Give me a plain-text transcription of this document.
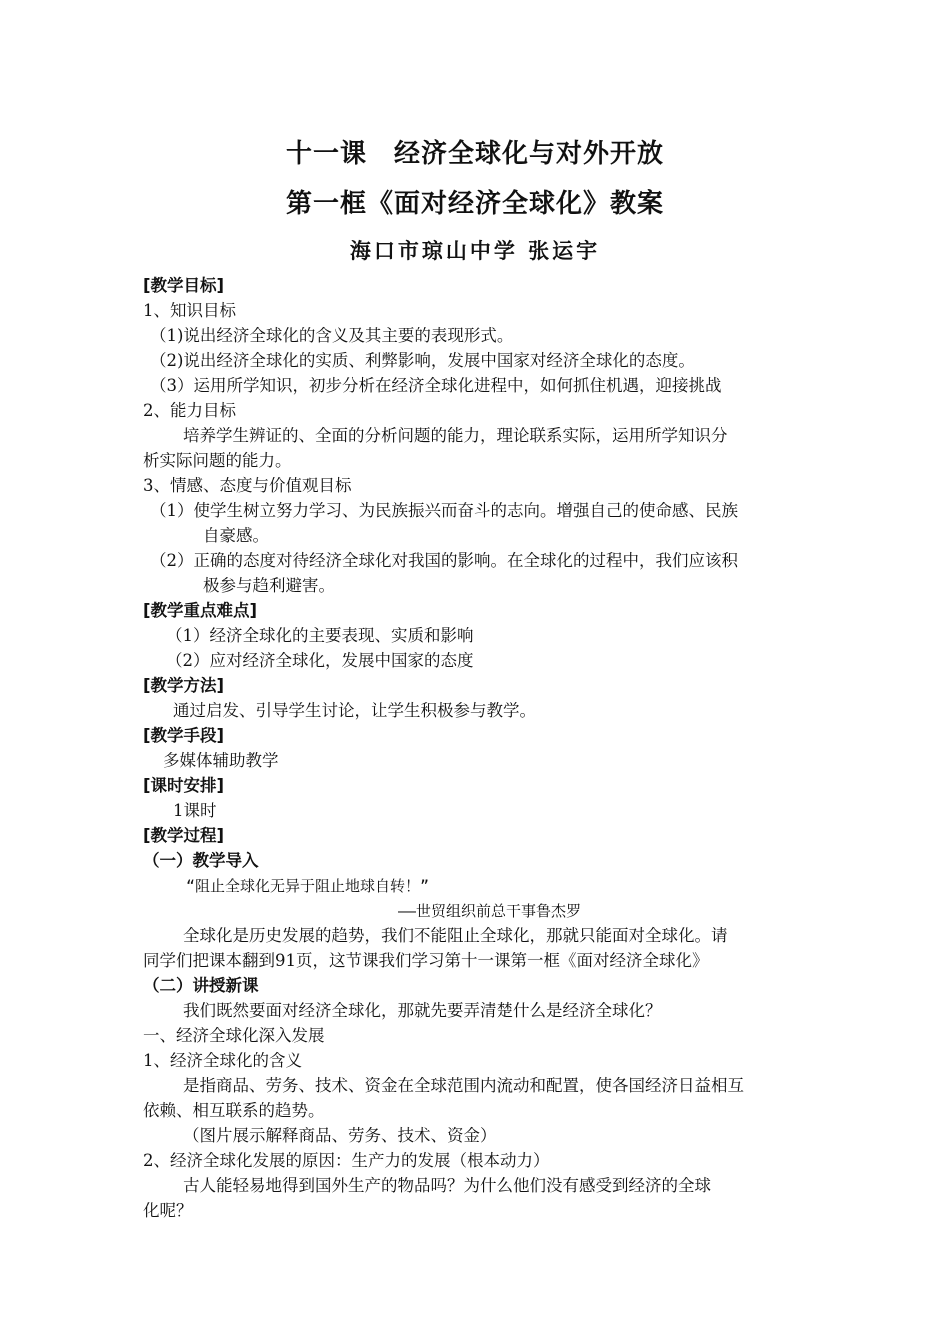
十一课　经济全球化与对外开放
第一框《面对经济全球化》教案
海口市琼山中学 张运宇
[教学目标]
1、知识目标
（1)说出经济全球化的含义及其主要的表现形式。
（2)说出经济全球化的实质、利弊影响，发展中国家对经济全球化的态度。
（3）运用所学知识，初步分析在经济全球化进程中，如何抓住机遇，迎接挑战
2、能力目标
培养学生辨证的、全面的分析问题的能力，理论联系实际，运用所学知识分
析实际问题的能力。
3、情感、态度与价值观目标
（1）使学生树立努力学习、为民族振兴而奋斗的志向。增强自己的使命感、民族
自豪感。
（2）正确的态度对待经济全球化对我国的影响。在全球化的过程中，我们应该积
极参与趋利避害。
[教学重点难点]
（1）经济全球化的主要表现、实质和影响
（2）应对经济全球化，发展中国家的态度
[教学方法]
通过启发、引导学生讨论，让学生积极参与教学。
[教学手段]
多媒体辅助教学
[课时安排]
1课时
[教学过程]
（一）教学导入
“阻止全球化无异于阻止地球自转！”
——世贸组织前总干事鲁杰罗
全球化是历史发展的趋势，我们不能阻止全球化，那就只能面对全球化。请
同学们把课本翻到91页，这节课我们学习第十一课第一框《面对经济全球化》
（二）讲授新课
我们既然要面对经济全球化，那就先要弄清楚什么是经济全球化？
一、经济全球化深入发展
1、经济全球化的含义
是指商品、劳务、技术、资金在全球范围内流动和配置，使各国经济日益相互
依赖、相互联系的趋势。
（图片展示解释商品、劳务、技术、资金）
2、经济全球化发展的原因：生产力的发展（根本动力）
古人能轻易地得到国外生产的物品吗？为什么他们没有感受到经济的全球
化呢？
